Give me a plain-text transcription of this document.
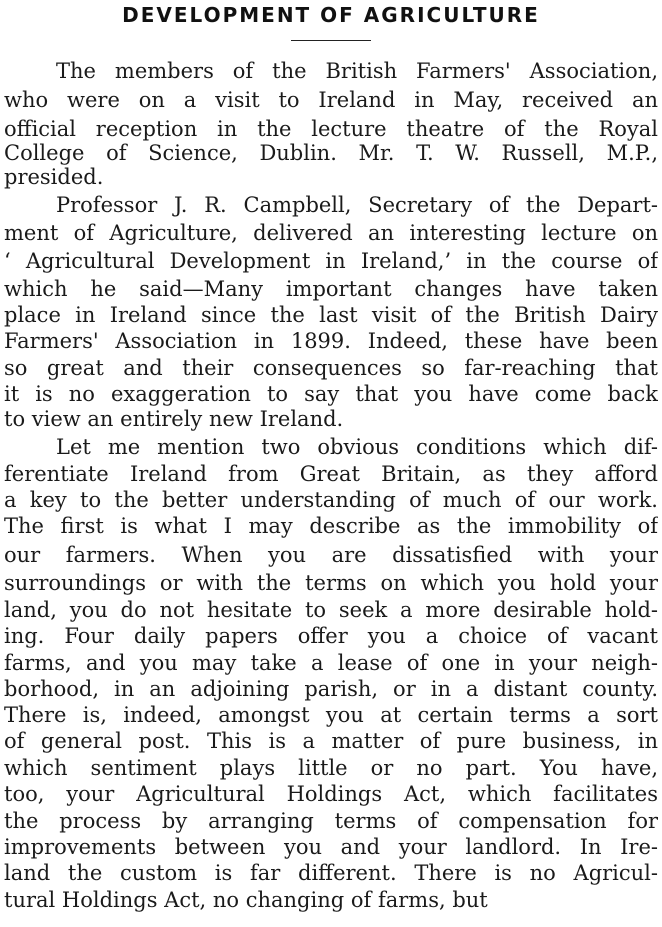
DEVELOPMENT OF AGRICULTURE
The members of the British Farmers' Association,
who were on a visit to Ireland in May, received an
official reception in the lecture theatre of the Royal
College of Science, Dublin. Mr. T. W. Russell, M.P.,
presided.
Professor J. R. Campbell, Secretary of the Depart-
ment of Agriculture, delivered an interesting lecture on
‘ Agricultural Development in Ireland,’ in the course of
which he said—Many important changes have taken
place in Ireland since the last visit of the British Dairy
Farmers' Association in 1899. Indeed, these have been
so great and their consequences so far-reaching that
it is no exaggeration to say that you have come back
to view an entirely new Ireland.
Let me mention two obvious conditions which dif-
ferentiate Ireland from Great Britain, as they afford
a key to the better understanding of much of our work.
The first is what I may describe as the immobility of
our farmers. When you are dissatisfied with your
surroundings or with the terms on which you hold your
land, you do not hesitate to seek a more desirable hold-
ing. Four daily papers offer you a choice of vacant
farms, and you may take a lease of one in your neigh-
borhood, in an adjoining parish, or in a distant county.
There is, indeed, amongst you at certain terms a sort
of general post. This is a matter of pure business, in
which sentiment plays little or no part. You have,
too, your Agricultural Holdings Act, which facilitates
the process by arranging terms of compensation for
improvements between you and your landlord. In Ire-
land the custom is far different. There is no Agricul-
tural Holdings Act, no changing of farms, but
